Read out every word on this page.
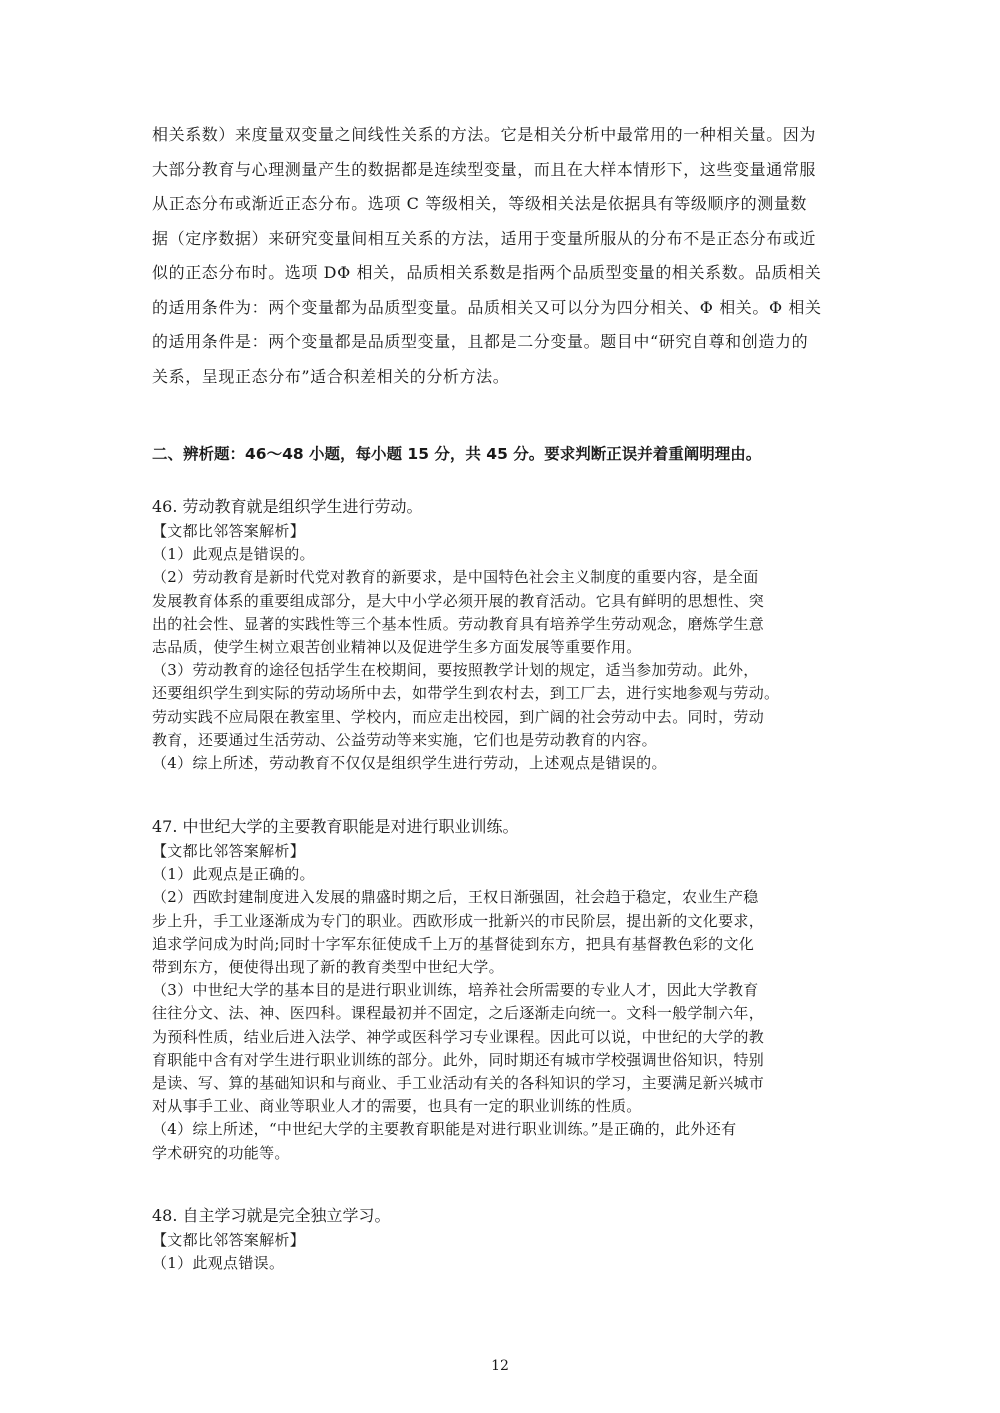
相关系数）来度量双变量之间线性关系的方法。它是相关分析中最常用的一种相关量。因为

大部分教育与心理测量产生的数据都是连续型变量，而且在大样本情形下，这些变量通常服

从正态分布或渐近正态分布。选项 C 等级相关，等级相关法是依据具有等级顺序的测量数

据（定序数据）来研究变量间相互关系的方法，适用于变量所服从的分布不是正态分布或近

似的正态分布时。选项 DΦ 相关，品质相关系数是指两个品质型变量的相关系数。品质相关

的适用条件为：两个变量都为品质型变量。品质相关又可以分为四分相关、Φ 相关。Φ 相关

的适用条件是：两个变量都是品质型变量，且都是二分变量。题目中“研究自尊和创造力的

关系，呈现正态分布”适合积差相关的分析方法。

二、辨析题：46～48 小题，每小题 15 分，共 45 分。要求判断正误并着重阐明理由。

46. 劳动教育就是组织学生进行劳动。

【文都比邻答案解析】

（1）此观点是错误的。

（2）劳动教育是新时代党对教育的新要求，是中国特色社会主义制度的重要内容，是全面

发展教育体系的重要组成部分，是大中小学必须开展的教育活动。它具有鲜明的思想性、突

出的社会性、显著的实践性等三个基本性质。劳动教育具有培养学生劳动观念，磨炼学生意

志品质，使学生树立艰苦创业精神以及促进学生多方面发展等重要作用。

（3）劳动教育的途径包括学生在校期间，要按照教学计划的规定，适当参加劳动。此外，

还要组织学生到实际的劳动场所中去，如带学生到农村去，到工厂去，进行实地参观与劳动。

劳动实践不应局限在教室里、学校内，而应走出校园，到广阔的社会劳动中去。同时，劳动

教育，还要通过生活劳动、公益劳动等来实施，它们也是劳动教育的内容。

（4）综上所述，劳动教育不仅仅是组织学生进行劳动，上述观点是错误的。

47. 中世纪大学的主要教育职能是对进行职业训练。

【文都比邻答案解析】

（1）此观点是正确的。

（2）西欧封建制度进入发展的鼎盛时期之后，王权日渐强固，社会趋于稳定，农业生产稳

步上升，手工业逐渐成为专门的职业。西欧形成一批新兴的市民阶层，提出新的文化要求，

追求学问成为时尚;同时十字军东征使成千上万的基督徒到东方，把具有基督教色彩的文化

带到东方，便使得出现了新的教育类型中世纪大学。

（3）中世纪大学的基本目的是进行职业训练，培养社会所需要的专业人才，因此大学教育

往往分文、法、神、医四科。课程最初并不固定，之后逐渐走向统一。文科一般学制六年，

为预科性质，结业后进入法学、神学或医科学习专业课程。因此可以说，中世纪的大学的教

育职能中含有对学生进行职业训练的部分。此外，同时期还有城市学校强调世俗知识，特别

是读、写、算的基础知识和与商业、手工业活动有关的各科知识的学习，主要满足新兴城市

对从事手工业、商业等职业人才的需要，也具有一定的职业训练的性质。

（4）综上所述，“中世纪大学的主要教育职能是对进行职业训练。”是正确的，此外还有

学术研究的功能等。

48. 自主学习就是完全独立学习。

【文都比邻答案解析】

（1）此观点错误。

12
